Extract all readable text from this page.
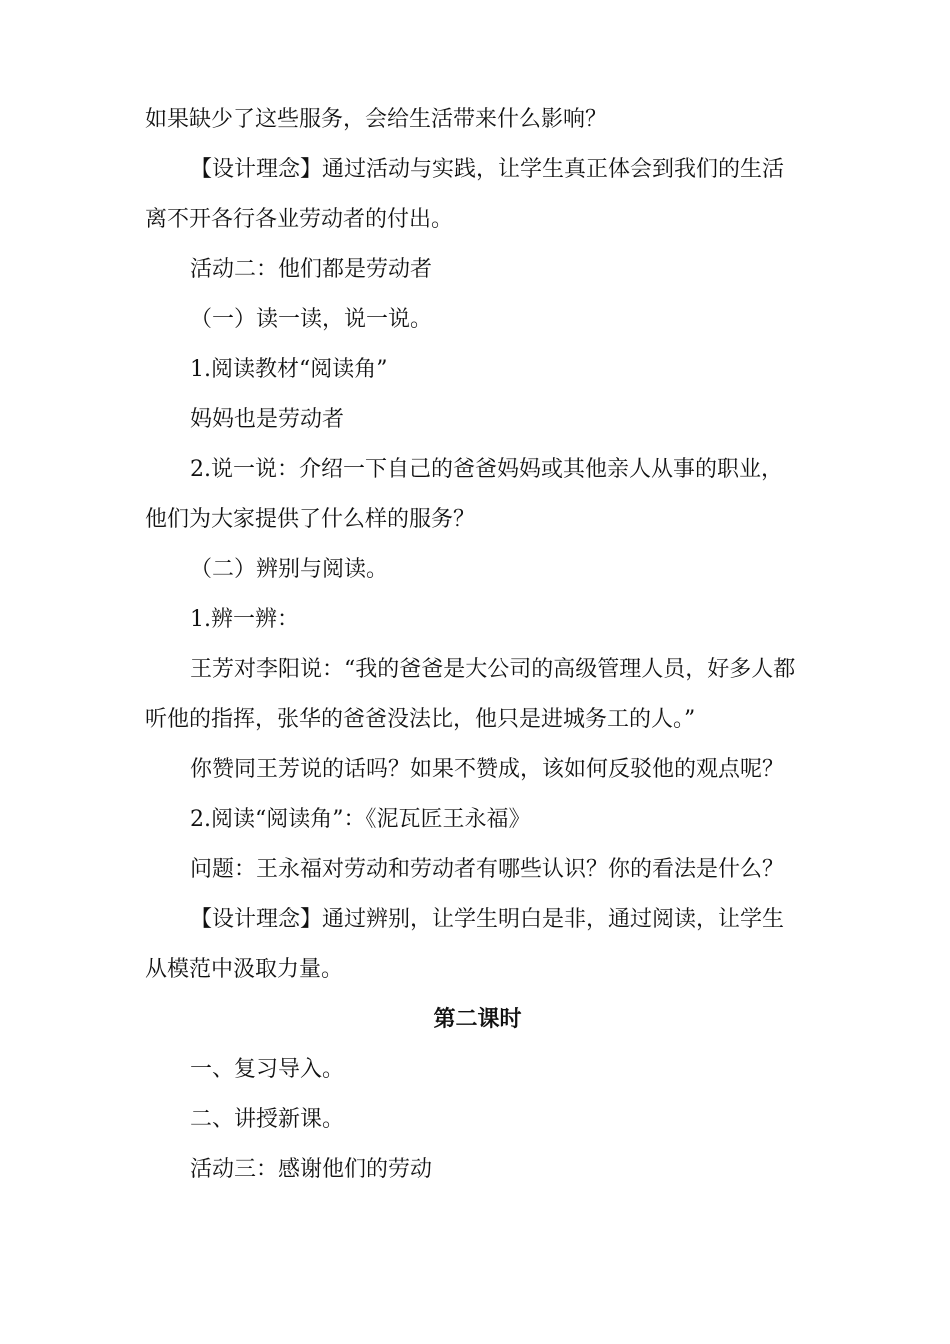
如果缺少了这些服务，会给生活带来什么影响？
【设计理念】通过活动与实践，让学生真正体会到我们的生活
离不开各行各业劳动者的付出。
活动二：他们都是劳动者
（一）读一读，说一说。
1.阅读教材“阅读角”
妈妈也是劳动者
2.说一说：介绍一下自己的爸爸妈妈或其他亲人从事的职业，
他们为大家提供了什么样的服务？
（二）辨别与阅读。
1.辨一辨：
王芳对李阳说：“我的爸爸是大公司的高级管理人员，好多人都
听他的指挥，张华的爸爸没法比，他只是进城务工的人。”
你赞同王芳说的话吗？如果不赞成，该如何反驳他的观点呢？
2.阅读“阅读角”：《泥瓦匠王永福》
问题：王永福对劳动和劳动者有哪些认识？你的看法是什么？
【设计理念】通过辨别，让学生明白是非，通过阅读，让学生
从模范中汲取力量。
第二课时
一、复习导入。
二、讲授新课。
活动三：感谢他们的劳动
